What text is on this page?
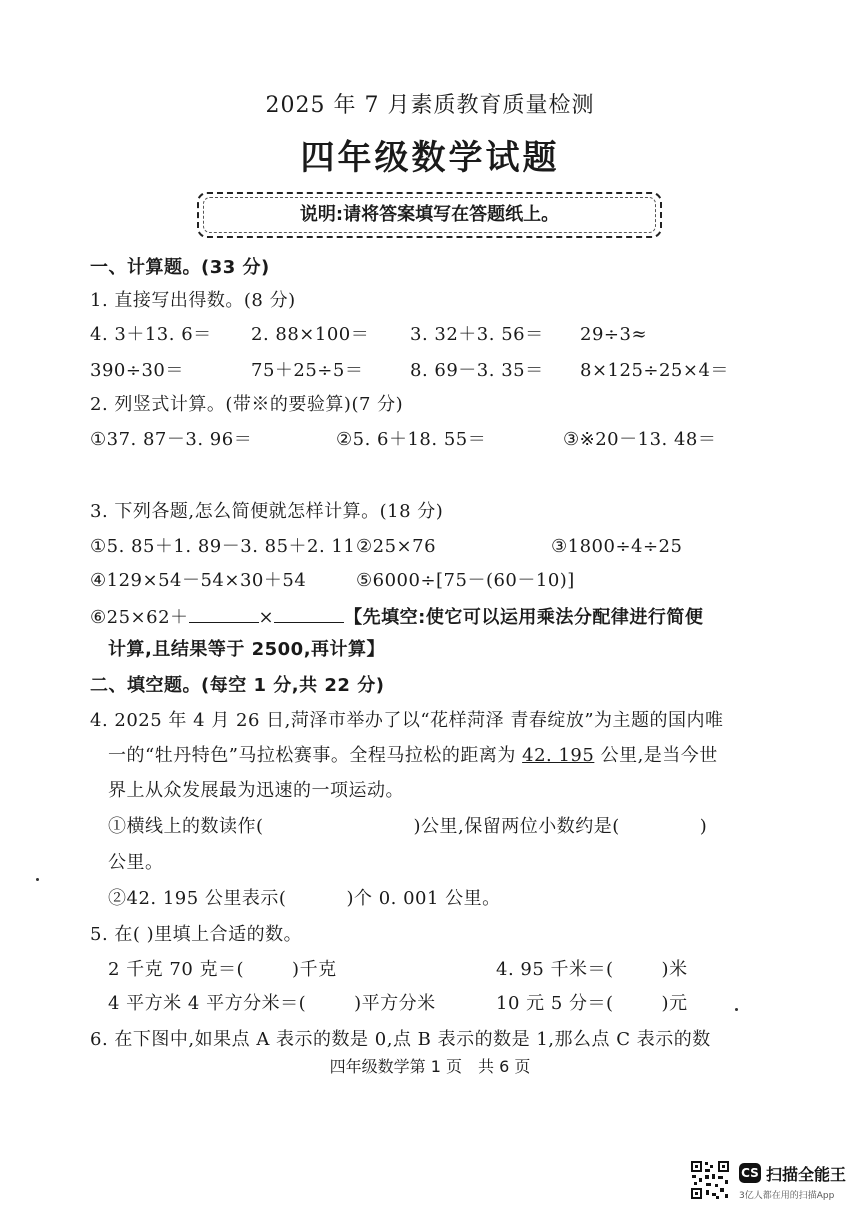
2025 年 7 月素质教育质量检测
四年级数学试题
说明:请将答案填写在答题纸上。
一、计算题。(33 分)
1. 直接写出得数。(8 分)
4. 3＋13. 6＝ 2. 88×100＝ 3. 32＋3. 56＝ 29÷3≈
390÷30＝	75＋25÷5＝	8. 69－3. 35＝ 8×125÷25×4＝
2. 列竖式计算。(带※的要验算)(7 分)
①37. 87－3. 96＝	②5. 6＋18. 55＝	③※20－13. 48＝
3. 下列各题,怎么简便就怎样计算。(18 分)
①5. 85＋1. 89－3. 85＋2. 11 ②25×76	③1800÷4÷25
④129×54－54×30＋54	⑤6000÷[75－(60－10)]
⑥25×62＋	×	【先填空:使它可以运用乘法分配律进行简便
计算,且结果等于 2500,再计算】
二、填空题。(每空 1 分,共 22 分)
4. 2025 年 4 月 26 日,菏泽市举办了以“花样菏泽 青春绽放”为主题的国内唯
一的“牡丹特色”马拉松赛事。全程马拉松的距离为 42. 195 公里,是当今世
界上从众发展最为迅速的一项运动。
①横线上的数读作(	)公里,保留两位小数约是(	)
公里。
②42. 195 公里表示(	)个 0. 001 公里。
5. 在( )里填上合适的数。
2 千克 70 克＝(	)千克	4. 95 千米＝(	)米
4 平方米 4 平方分米＝(	)平方分米	10 元 5 分＝(	)元
6. 在下图中,如果点 A 表示的数是 0,点 B 表示的数是 1,那么点 C 表示的数
四年级数学第 1 页　共 6 页
CS 扫描全能王
3亿人都在用的扫描App
